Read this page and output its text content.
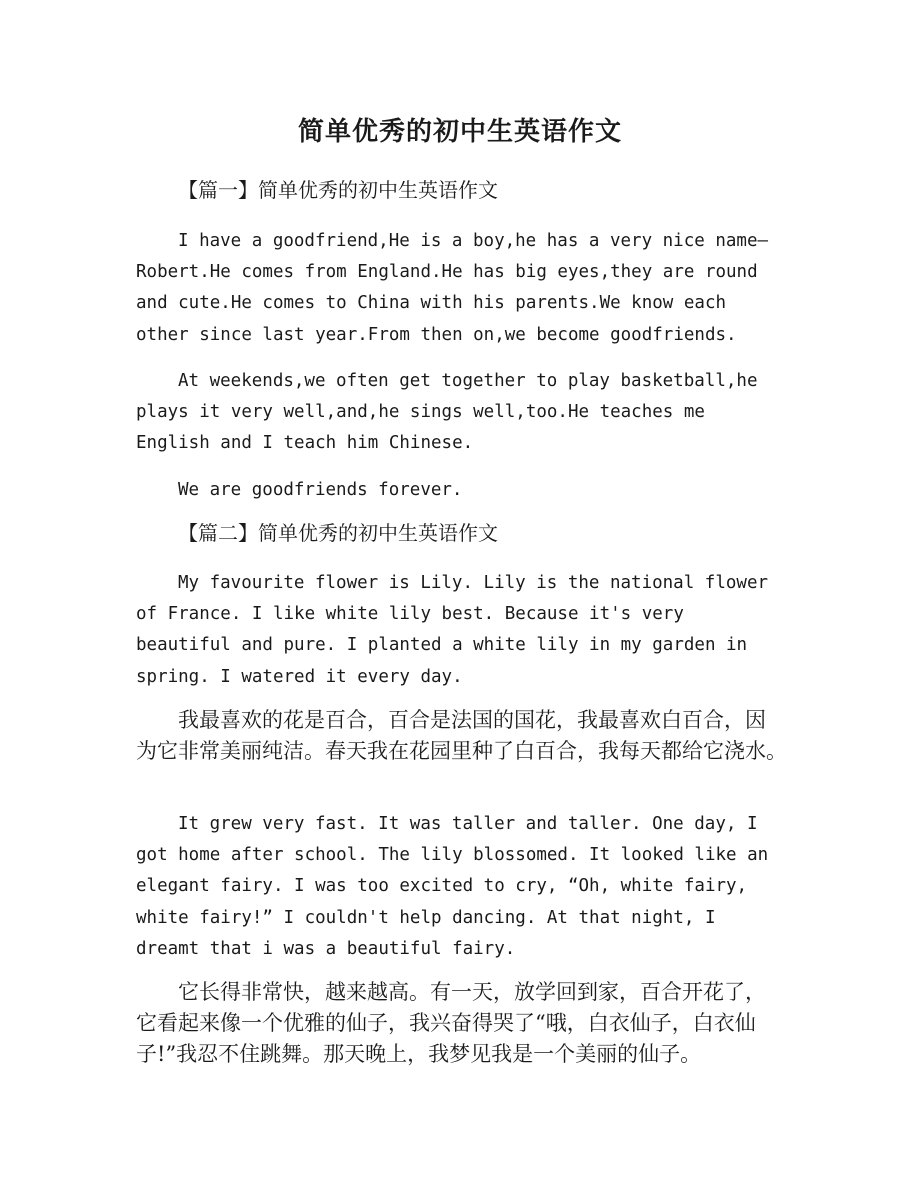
简单优秀的初中生英语作文
【篇一】简单优秀的初中生英语作文
I have a goodfriend,He is a boy,he has a very nice name—
Robert.He comes from England.He has big eyes,they are round
and cute.He comes to China with his parents.We know each
other since last year.From then on,we become goodfriends.
At weekends,we often get together to play basketball,he
plays it very well,and,he sings well,too.He teaches me
English and I teach him Chinese.
We are goodfriends forever.
【篇二】简单优秀的初中生英语作文
My favourite flower is Lily. Lily is the national flower
of France. I like white lily best. Because it's very
beautiful and pure. I planted a white lily in my garden in
spring. I watered it every day.
我最喜欢的花是百合，百合是法国的国花，我最喜欢白百合，因
为它非常美丽纯洁。春天我在花园里种了白百合，我每天都给它浇水。
It grew very fast. It was taller and taller. One day, I
got home after school. The lily blossomed. It looked like an
elegant fairy. I was too excited to cry, “Oh, white fairy,
white fairy!” I couldn't help dancing. At that night, I
dreamt that i was a beautiful fairy.
它长得非常快，越来越高。有一天，放学回到家，百合开花了，
它看起来像一个优雅的仙子，我兴奋得哭了“哦，白衣仙子，白衣仙
子!”我忍不住跳舞。那天晚上，我梦见我是一个美丽的仙子。
